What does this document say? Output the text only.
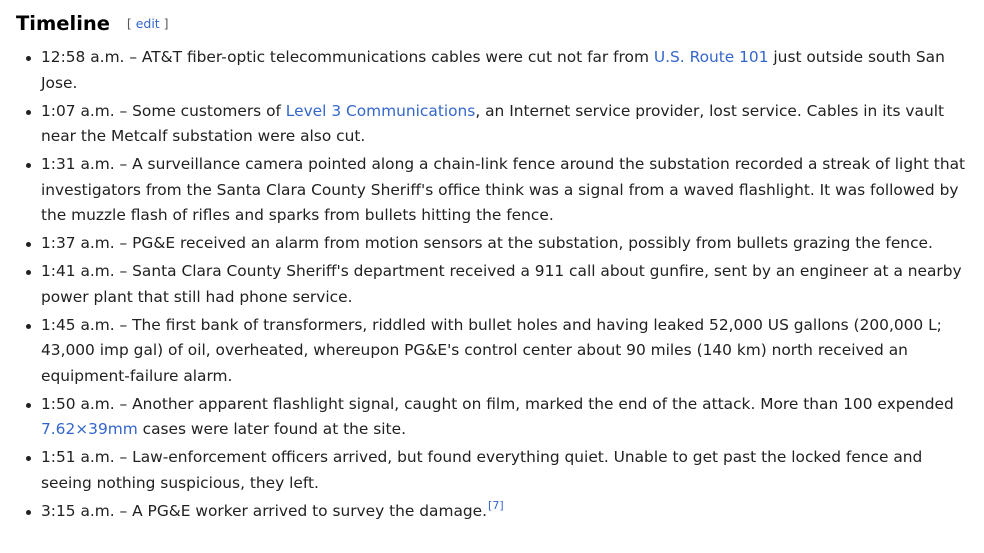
Timeline [ edit ]
12:58 a.m. – AT&T fiber-optic telecommunications cables were cut not far from U.S. Route 101 just outside south San Jose.
1:07 a.m. – Some customers of Level 3 Communications, an Internet service provider, lost service. Cables in its vault near the Metcalf substation were also cut.
1:31 a.m. – A surveillance camera pointed along a chain-link fence around the substation recorded a streak of light that investigators from the Santa Clara County Sheriff's office think was a signal from a waved flashlight. It was followed by the muzzle flash of rifles and sparks from bullets hitting the fence.
1:37 a.m. – PG&E received an alarm from motion sensors at the substation, possibly from bullets grazing the fence.
1:41 a.m. – Santa Clara County Sheriff's department received a 911 call about gunfire, sent by an engineer at a nearby power plant that still had phone service.
1:45 a.m. – The first bank of transformers, riddled with bullet holes and having leaked 52,000 US gallons (200,000 L; 43,000 imp gal) of oil, overheated, whereupon PG&E's control center about 90 miles (140 km) north received an equipment-failure alarm.
1:50 a.m. – Another apparent flashlight signal, caught on film, marked the end of the attack. More than 100 expended 7.62×39mm cases were later found at the site.
1:51 a.m. – Law-enforcement officers arrived, but found everything quiet. Unable to get past the locked fence and seeing nothing suspicious, they left.
3:15 a.m. – A PG&E worker arrived to survey the damage.[7]
